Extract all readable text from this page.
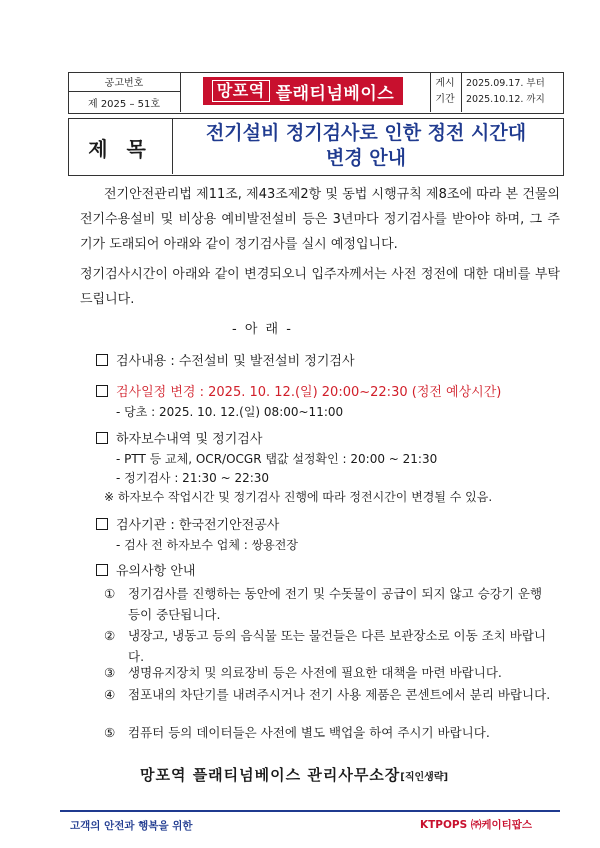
공고번호
제 2025 – 51호
망포역 플래티넘베이스	게시
기간
2025.09.17. 부터
2025.10.12. 까지
제 목
전기설비 정기검사로 인한 정전 시간대
변경 안내
전기안전관리법 제11조, 제43조제2항 및 동법 시행규칙 제8조에 따라 본 건물의 전기수용설비 및 비상용 예비발전설비 등은 3년마다 정기검사를 받아야 하며, 그 주기가 도래되어 아래와 같이 정기검사를 실시 예정입니다.
정기검사시간이 아래와 같이 변경되오니 입주자께서는 사전 정전에 대한 대비를 부탁드립니다.
- 아 래 -
검사내용 : 수전설비 및 발전설비 정기검사
검사일정 변경 : 2025. 10. 12.(일) 20:00~22:30 (정전 예상시간)
- 당초 : 2025. 10. 12.(일) 08:00~11:00
하자보수내역 및 정기검사
- PTT 등 교체, OCR/OCGR 탭값 설정확인 : 20:00 ~ 21:30
- 정기검사 : 21:30 ~ 22:30
※ 하자보수 작업시간 및 정기검사 진행에 따라 정전시간이 변경될 수 있음.
검사기관 : 한국전기안전공사
- 검사 전 하자보수 업체 : 쌍용전장
유의사항 안내
① 정기검사를 진행하는 동안에 전기 및 수돗물이 공급이 되지 않고 승강기 운행 등이 중단됩니다.
② 냉장고, 냉동고 등의 음식물 또는 물건들은 다른 보관장소로 이동 조치 바랍니다.
③ 생명유지장치 및 의료장비 등은 사전에 필요한 대책을 마련 바랍니다.
④ 점포내의 차단기를 내려주시거나 전기 사용 제품은 콘센트에서 분리 바랍니다.
⑤ 컴퓨터 등의 데이터들은 사전에 별도 백업을 하여 주시기 바랍니다.
망포역 플래티넘베이스 관리사무소장[직인생략]
고객의 안전과 행복을 위한	KTPOPS ㈜케이티팝스
